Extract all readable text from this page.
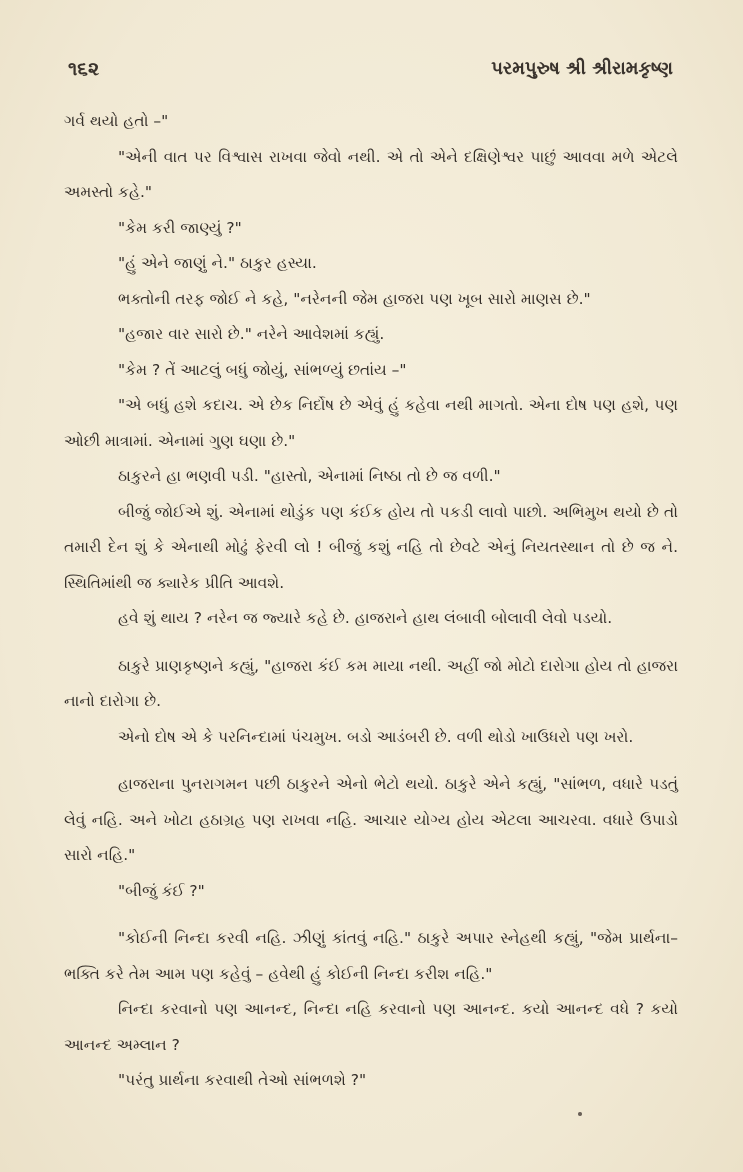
૧૬૨	પરમપુરુષ શ્રી શ્રીરામકૃષ્ણ

ગર્વ થયો હતો –"

"એની વાત પર વિશ્વાસ રાખવા જેવો નથી. એ તો એને દક્ષિણેશ્વર પાછું આવવા મળે એટલે અમસ્તો કહે."

"કેમ કરી જાણ્યું ?"

"હું એને જાણું ને." ઠાકુર હસ્યા.

ભક્તોની તરફ જોઈ ને કહે, "નરેનની જેમ હાજરા પણ ખૂબ સારો માણસ છે."

"હજાર વાર સારો છે." નરેને આવેશમાં કહ્યું.

"કેમ ? તેં આટલું બધું જોયું, સાંભળ્યું છતાંય –"

"એ બધું હશે કદાચ. એ છેક નિર્દોષ છે એવું હું કહેવા નથી માગતો. એના દોષ પણ હશે, પણ ઓછી માત્રામાં. એનામાં ગુણ ઘણા છે."

ઠાકુરને હા ભણવી પડી. "હાસ્તો, એનામાં નિષ્ઠા તો છે જ વળી."

બીજું જોઈએ શું. એનામાં થોડુંક પણ કંઈક હોય તો પકડી લાવો પાછો. અભિમુખ થયો છે તો તમારી દેન શું કે એનાથી મોઢું ફેરવી લો ! બીજું કશું નહિ તો છેવટે એનું નિયતસ્થાન તો છે જ ને. સ્થિતિમાંથી જ ક્યારેક પ્રીતિ આવશે.

હવે શું થાય ? નરેન જ જ્યારે કહે છે. હાજરાને હાથ લંબાવી બોલાવી લેવો પડયો.

ઠાકુરે પ્રાણકૃષ્ણને કહ્યું, "હાજરા કંઈ કમ માયા નથી. અહીં જો મોટો દારોગા હોય તો હાજરા નાનો દારોગા છે.

એનો દોષ એ કે પરનિન્દામાં પંચમુખ. બડો આડંબરી છે. વળી થોડો ખાઉધરો પણ ખરો.

હાજરાના પુનરાગમન પછી ઠાકુરને એનો ભેટો થયો. ઠાકુરે એને કહ્યું, "સાંભળ, વધારે પડતું લેવું નહિ. અને ખોટા હઠાગ્રહ પણ રાખવા નહિ. આચાર યોગ્ય હોય એટલા આચરવા. વધારે ઉપાડો સારો નહિ."

"બીજું કંઈ ?"

"કોઈની નિન્દા કરવી નહિ. ઝીણું કાંતવું નહિ." ઠાકુરે અપાર સ્નેહથી કહ્યું, "જેમ પ્રાર્થના–ભક્તિ કરે તેમ આમ પણ કહેવું – હવેથી હું કોઈની નિન્દા કરીશ નહિ."

નિન્દા કરવાનો પણ આનન્દ, નિન્દા નહિ કરવાનો પણ આનન્દ. કયો આનન્દ વધે ? કયો આનન્દ અમ્લાન ?

"પરંતુ પ્રાર્થના કરવાથી તેઓ સાંભળશે ?"
